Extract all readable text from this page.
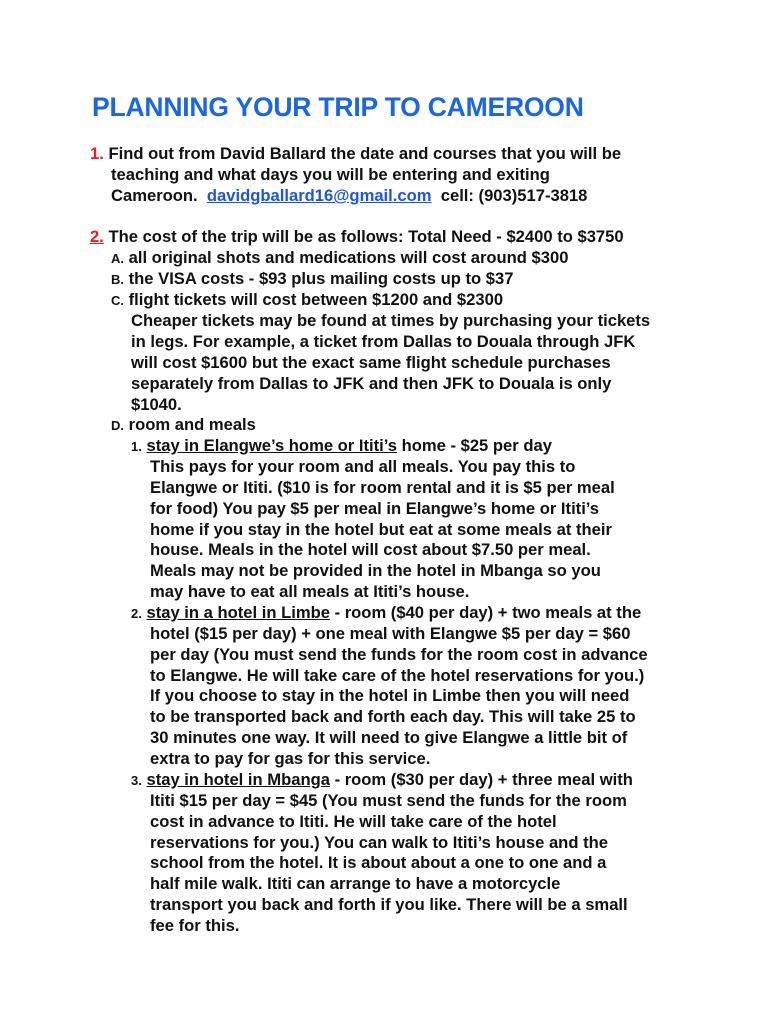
PLANNING YOUR TRIP TO CAMEROON
1. Find out from David Ballard the date and courses that you will be
teaching and what days you will be entering and exiting
Cameroon. davidgballard16@gmail.com cell: (903)517-3818
2. The cost of the trip will be as follows: Total Need - $2400 to $3750
A. all original shots and medications will cost around $300
B. the VISA costs - $93 plus mailing costs up to $37
C. flight tickets will cost between $1200 and $2300
Cheaper tickets may be found at times by purchasing your tickets
in legs. For example, a ticket from Dallas to Douala through JFK
will cost $1600 but the exact same flight schedule purchases
separately from Dallas to JFK and then JFK to Douala is only
$1040.
D. room and meals
1. stay in Elangwe’s home or Ititi’s home - $25 per day
This pays for your room and all meals. You pay this to
Elangwe or Ititi. ($10 is for room rental and it is $5 per meal
for food) You pay $5 per meal in Elangwe’s home or Ititi’s
home if you stay in the hotel but eat at some meals at their
house. Meals in the hotel will cost about $7.50 per meal.
Meals may not be provided in the hotel in Mbanga so you
may have to eat all meals at Ititi’s house.
2. stay in a hotel in Limbe - room ($40 per day) + two meals at the
hotel ($15 per day) + one meal with Elangwe $5 per day = $60
per day (You must send the funds for the room cost in advance
to Elangwe. He will take care of the hotel reservations for you.)
If you choose to stay in the hotel in Limbe then you will need
to be transported back and forth each day. This will take 25 to
30 minutes one way. It will need to give Elangwe a little bit of
extra to pay for gas for this service.
3. stay in hotel in Mbanga - room ($30 per day) + three meal with
Ititi $15 per day = $45 (You must send the funds for the room
cost in advance to Ititi. He will take care of the hotel
reservations for you.) You can walk to Ititi’s house and the
school from the hotel. It is about about a one to one and a
half mile walk. Ititi can arrange to have a motorcycle
transport you back and forth if you like. There will be a small
fee for this.
